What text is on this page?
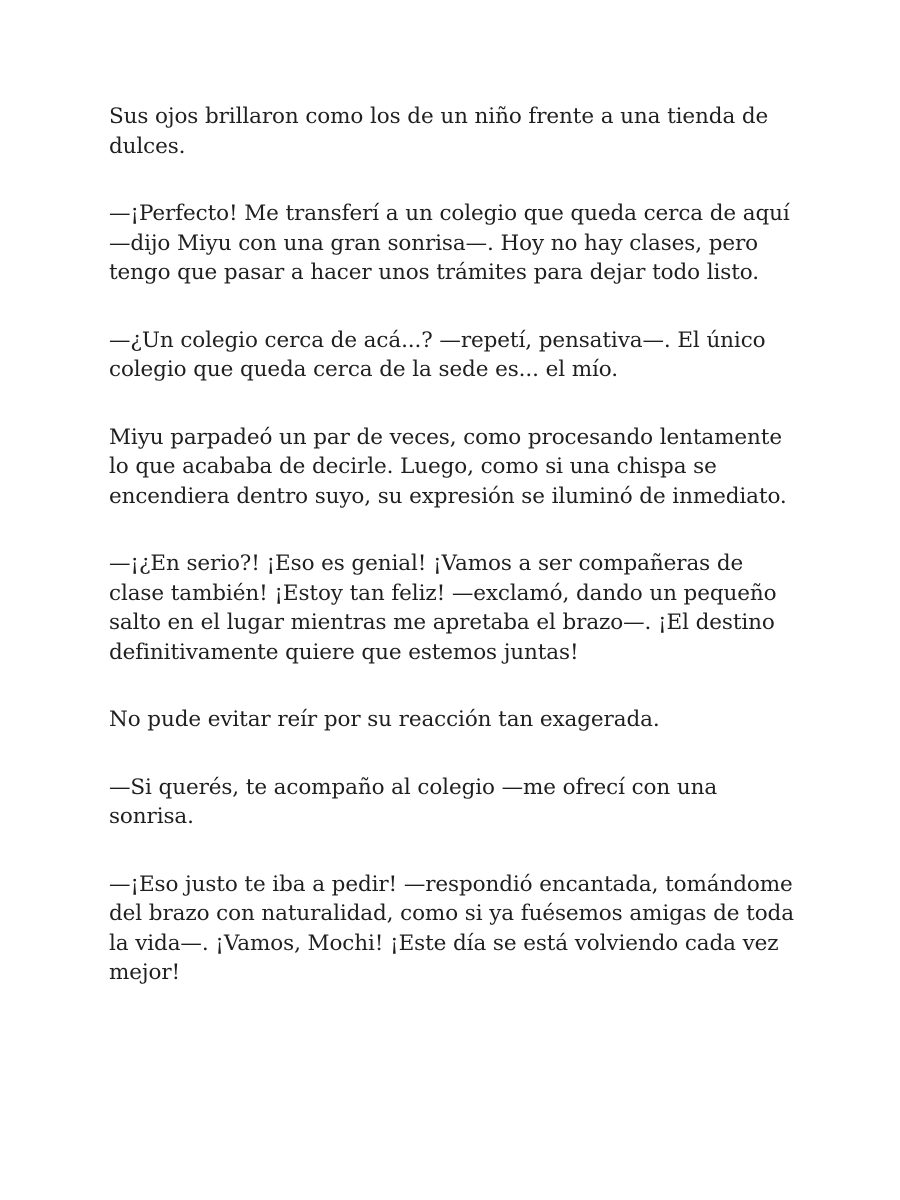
Sus ojos brillaron como los de un niño frente a una tienda de dulces.

—¡Perfecto! Me transferí a un colegio que queda cerca de aquí —dijo Miyu con una gran sonrisa—. Hoy no hay clases, pero tengo que pasar a hacer unos trámites para dejar todo listo.

—¿Un colegio cerca de acá...? —repetí, pensativa—. El único colegio que queda cerca de la sede es... el mío.

Miyu parpadeó un par de veces, como procesando lentamente lo que acababa de decirle. Luego, como si una chispa se encendiera dentro suyo, su expresión se iluminó de inmediato.

—¡¿En serio?! ¡Eso es genial! ¡Vamos a ser compañeras de clase también! ¡Estoy tan feliz! —exclamó, dando un pequeño salto en el lugar mientras me apretaba el brazo—. ¡El destino definitivamente quiere que estemos juntas!

No pude evitar reír por su reacción tan exagerada.

—Si querés, te acompaño al colegio —me ofrecí con una sonrisa.

—¡Eso justo te iba a pedir! —respondió encantada, tomándome del brazo con naturalidad, como si ya fuésemos amigas de toda la vida—. ¡Vamos, Mochi! ¡Este día se está volviendo cada vez mejor!
